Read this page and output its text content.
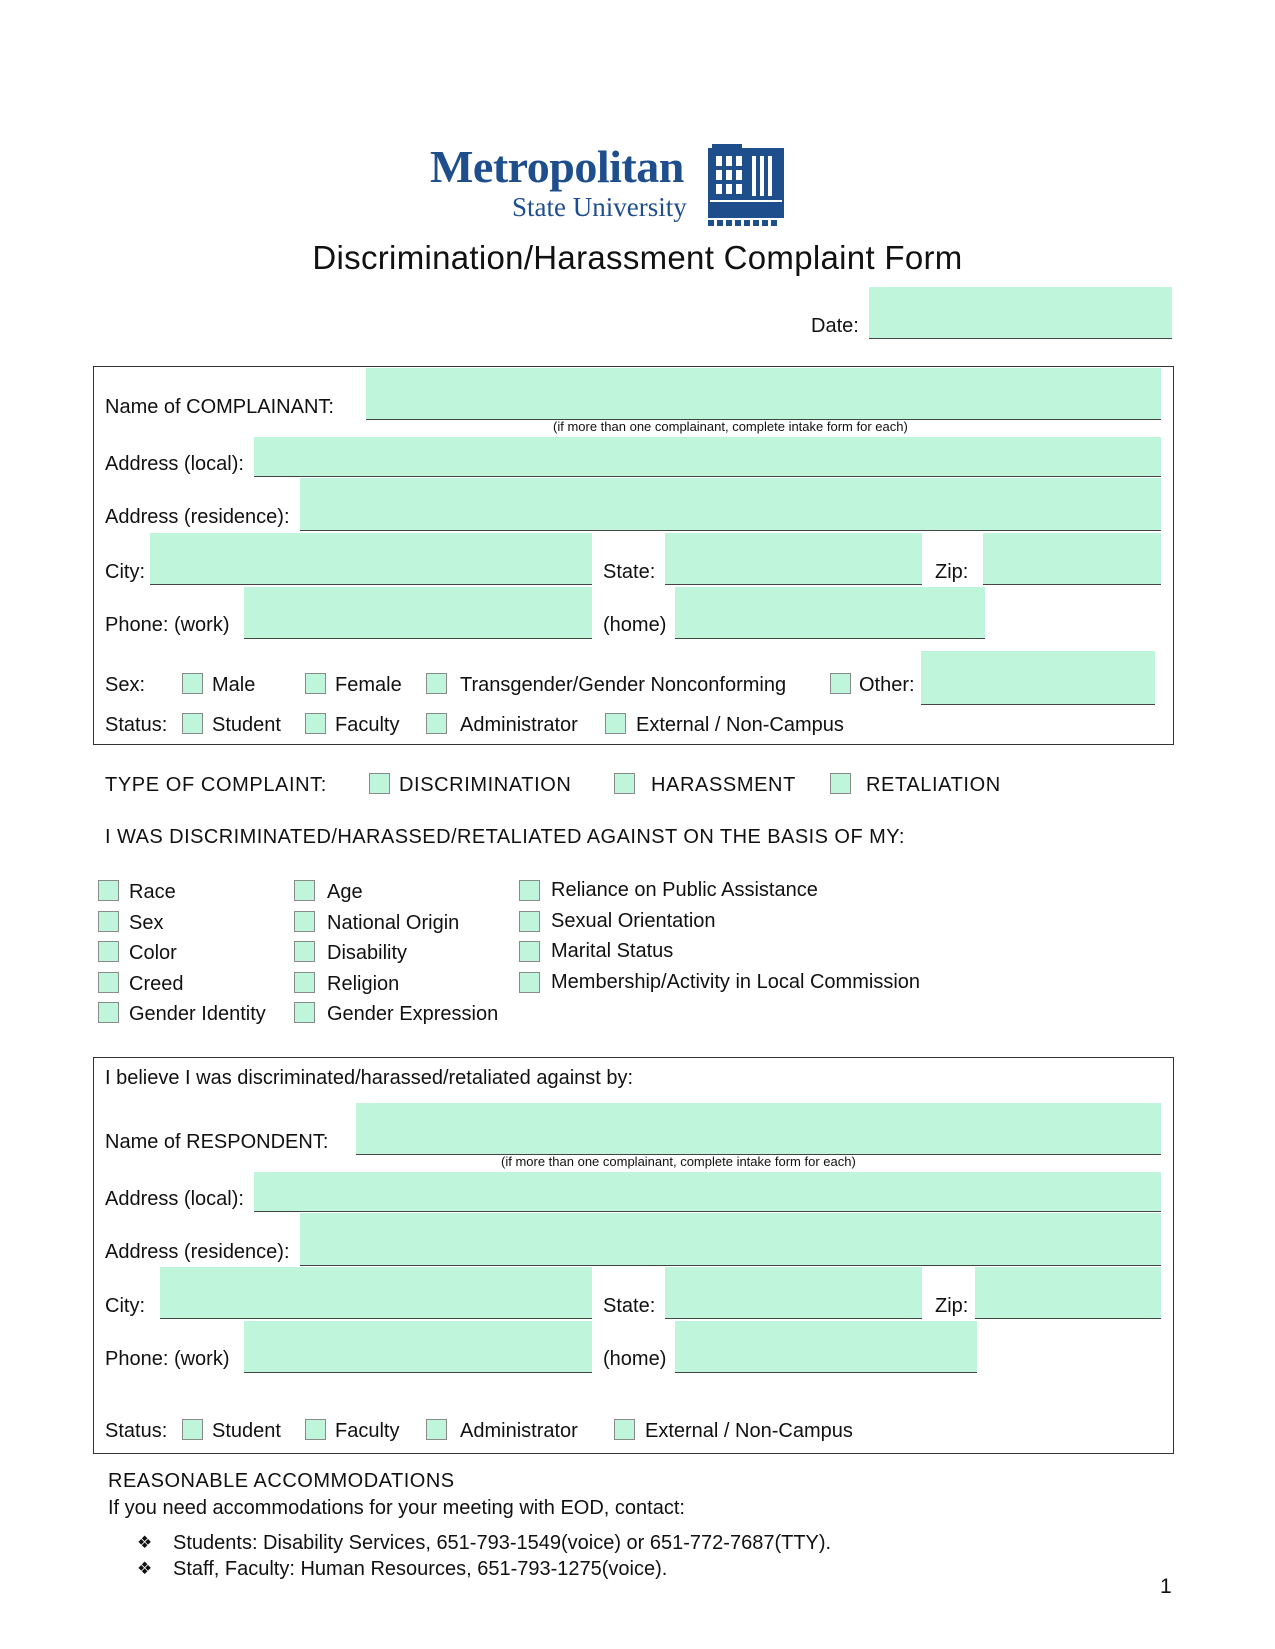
Metropolitan
State University
Discrimination/Harassment Complaint Form
Date:
Name of COMPLAINANT:
(if more than one complainant, complete intake form for each)
Address (local):
Address (residence):
City:	State:	Zip:
Phone: (work)	(home)
Sex:	Male	Female	Transgender/Gender Nonconforming	Other:
Status: Student	Faculty	Administrator	External / Non-Campus
TYPE OF COMPLAINT:	DISCRIMINATION	HARASSMENT	RETALIATION
I WAS DISCRIMINATED/HARASSED/RETALIATED AGAINST ON THE BASIS OF MY:
Race
Sex
Color
Creed
Gender Identity
Age
National Origin
Disability
Religion
Gender Expression
Reliance on Public Assistance
Sexual Orientation
Marital Status
Membership/Activity in Local Commission
I believe I was discriminated/harassed/retaliated against by:
Name of RESPONDENT:
(if more than one complainant, complete intake form for each)
Address (local):
Address (residence):
City:	State:	Zip:
Phone: (work)	(home)
Status: Student	Faculty	Administrator	External / Non-Campus
REASONABLE ACCOMMODATIONS
If you need accommodations for your meeting with EOD, contact:
❖ Students: Disability Services, 651-793-1549(voice) or 651-772-7687(TTY).
❖ Staff, Faculty: Human Resources, 651-793-1275(voice).
1
